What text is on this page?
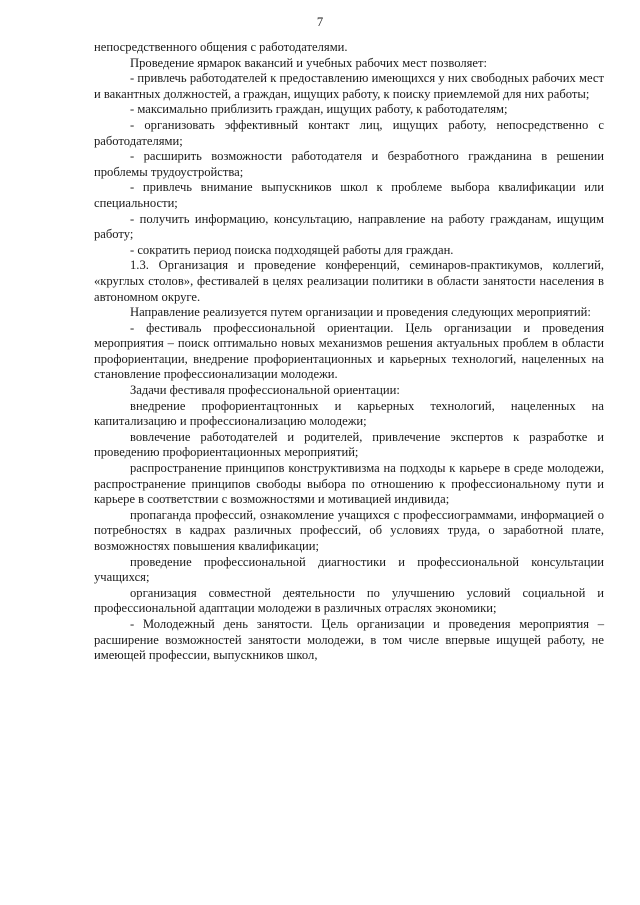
7

непосредственного общения с работодателями.

Проведение ярмарок вакансий и учебных рабочих мест позволяет:

- привлечь работодателей к предоставлению имеющихся у них свободных рабочих мест и вакантных должностей, а граждан, ищущих работу, к поиску приемлемой для них работы;

- максимально приблизить граждан, ищущих работу, к работодателям;

- организовать эффективный контакт лиц, ищущих работу, непосредственно с работодателями;

- расширить возможности работодателя и безработного гражданина в решении проблемы трудоустройства;

- привлечь внимание выпускников школ к проблеме выбора квалификации или специальности;

- получить информацию, консультацию, направление на работу гражданам, ищущим работу;

- сократить период поиска подходящей работы для граждан.

1.3. Организация и проведение конференций, семинаров-практикумов, коллегий, «круглых столов», фестивалей в целях реализации политики в области занятости населения в автономном округе.

Направление реализуется путем организации и проведения следующих мероприятий:

- фестиваль профессиональной ориентации. Цель организации и проведения мероприятия – поиск оптимально новых механизмов решения актуальных проблем в области профориентации, внедрение профориентационных и карьерных технологий, нацеленных на становление профессионализации молодежи.

Задачи фестиваля профессиональной ориентации:

внедрение профориентацтонных и карьерных технологий, нацеленных на капитализацию и профессионализацию молодежи;

вовлечение работодателей и родителей, привлечение экспертов к разработке и проведению профориентационных мероприятий;

распространение принципов конструктивизма на подходы к карьере в среде молодежи, распространение принципов свободы выбора по отношению к профессиональному пути и карьере в соответствии с возможностями и мотивацией индивида;

пропаганда профессий, ознакомление учащихся с профессиограммами, информацией о потребностях в кадрах различных профессий, об условиях труда, о заработной плате, возможностях повышения квалификации;

проведение профессиональной диагностики и профессиональной консультации учащихся;

организация совместной деятельности по улучшению условий социальной и профессиональной адаптации молодежи в различных отраслях экономики;

- Молодежный день занятости. Цель организации и проведения мероприятия – расширение возможностей занятости молодежи, в том числе впервые ищущей работу, не имеющей профессии, выпускников школ,
